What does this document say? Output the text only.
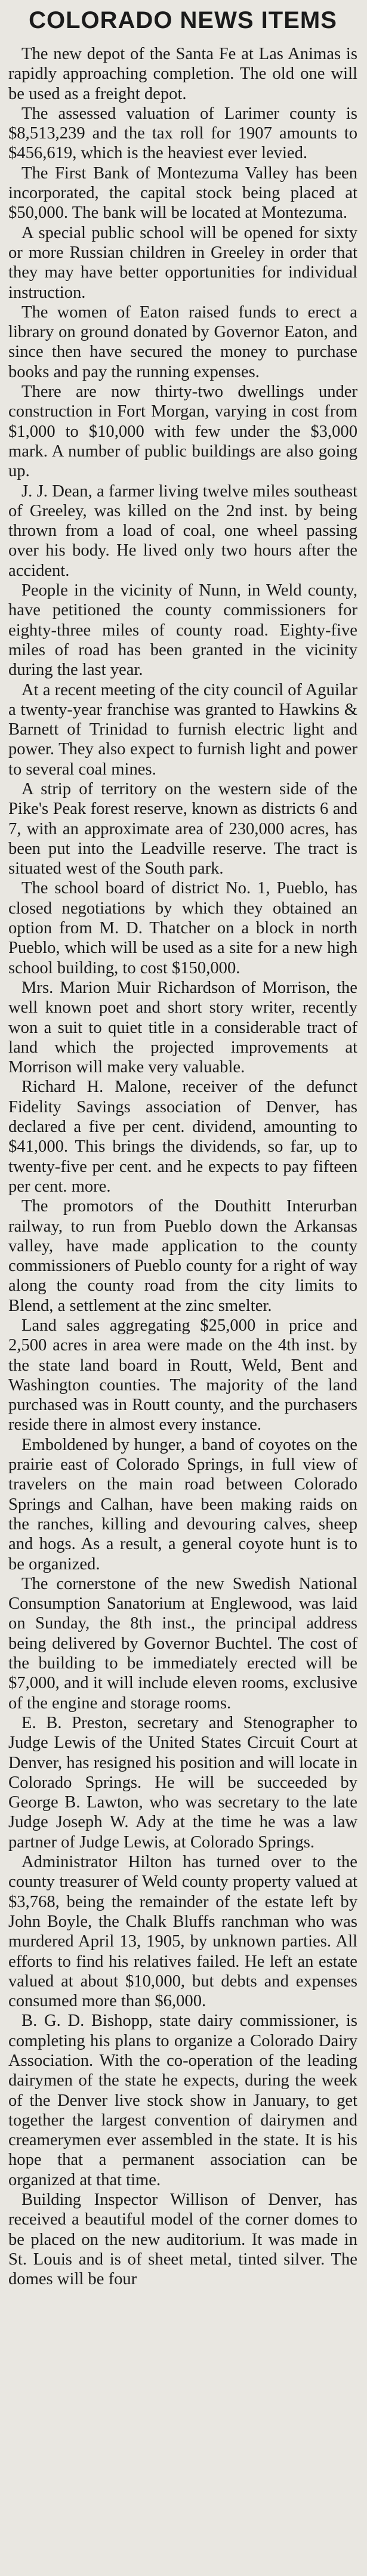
COLORADO NEWS ITEMS

The new depot of the Santa Fe at Las Animas is rapidly approaching completion. The old one will be used as a freight depot.

The assessed valuation of Larimer county is $8,513,239 and the tax roll for 1907 amounts to $456,619, which is the heaviest ever levied.

The First Bank of Montezuma Valley has been incorporated, the capital stock being placed at $50,000. The bank will be located at Montezuma.

A special public school will be opened for sixty or more Russian children in Greeley in order that they may have better opportunities for individual instruction.

The women of Eaton raised funds to erect a library on ground donated by Governor Eaton, and since then have secured the money to purchase books and pay the running expenses.

There are now thirty-two dwellings under construction in Fort Morgan, varying in cost from $1,000 to $10,000 with few under the $3,000 mark. A number of public buildings are also going up.

J. J. Dean, a farmer living twelve miles southeast of Greeley, was killed on the 2nd inst. by being thrown from a load of coal, one wheel passing over his body. He lived only two hours after the accident.

People in the vicinity of Nunn, in Weld county, have petitioned the county commissioners for eighty-three miles of county road. Eighty-five miles of road has been granted in the vicinity during the last year.

At a recent meeting of the city council of Aguilar a twenty-year franchise was granted to Hawkins & Barnett of Trinidad to furnish electric light and power. They also expect to furnish light and power to several coal mines.

A strip of territory on the western side of the Pike's Peak forest reserve, known as districts 6 and 7, with an approximate area of 230,000 acres, has been put into the Leadville reserve. The tract is situated west of the South park.

The school board of district No. 1, Pueblo, has closed negotiations by which they obtained an option from M. D. Thatcher on a block in north Pueblo, which will be used as a site for a new high school building, to cost $150,000.

Mrs. Marion Muir Richardson of Morrison, the well known poet and short story writer, recently won a suit to quiet title in a considerable tract of land which the projected improvements at Morrison will make very valuable.

Richard H. Malone, receiver of the defunct Fidelity Savings association of Denver, has declared a five per cent. dividend, amounting to $41,000. This brings the dividends, so far, up to twenty-five per cent. and he expects to pay fifteen per cent. more.

The promotors of the Douthitt Interurban railway, to run from Pueblo down the Arkansas valley, have made application to the county commissioners of Pueblo county for a right of way along the county road from the city limits to Blend, a settlement at the zinc smelter.

Land sales aggregating $25,000 in price and 2,500 acres in area were made on the 4th inst. by the state land board in Routt, Weld, Bent and Washington counties. The majority of the land purchased was in Routt county, and the purchasers reside there in almost every instance.

Emboldened by hunger, a band of coyotes on the prairie east of Colorado Springs, in full view of travelers on the main road between Colorado Springs and Calhan, have been making raids on the ranches, killing and devouring calves, sheep and hogs. As a result, a general coyote hunt is to be organized.

The cornerstone of the new Swedish National Consumption Sanatorium at Englewood, was laid on Sunday, the 8th inst., the principal address being delivered by Governor Buchtel. The cost of the building to be immediately erected will be $7,000, and it will include eleven rooms, exclusive of the engine and storage rooms.

E. B. Preston, secretary and Stenographer to Judge Lewis of the United States Circuit Court at Denver, has resigned his position and will locate in Colorado Springs. He will be succeeded by George B. Lawton, who was secretary to the late Judge Joseph W. Ady at the time he was a law partner of Judge Lewis, at Colorado Springs.

Administrator Hilton has turned over to the county treasurer of Weld county property valued at $3,768, being the remainder of the estate left by John Boyle, the Chalk Bluffs ranchman who was murdered April 13, 1905, by unknown parties. All efforts to find his relatives failed. He left an estate valued at about $10,000, but debts and expenses consumed more than $6,000.

B. G. D. Bishopp, state dairy commissioner, is completing his plans to organize a Colorado Dairy Association. With the co-operation of the leading dairymen of the state he expects, during the week of the Denver live stock show in January, to get together the largest convention of dairymen and creamerymen ever assembled in the state. It is his hope that a permanent association can be organized at that time.

Building Inspector Willison of Denver, has received a beautiful model of the corner domes to be placed on the new auditorium. It was made in St. Louis and is of sheet metal, tinted silver. The domes will be four
